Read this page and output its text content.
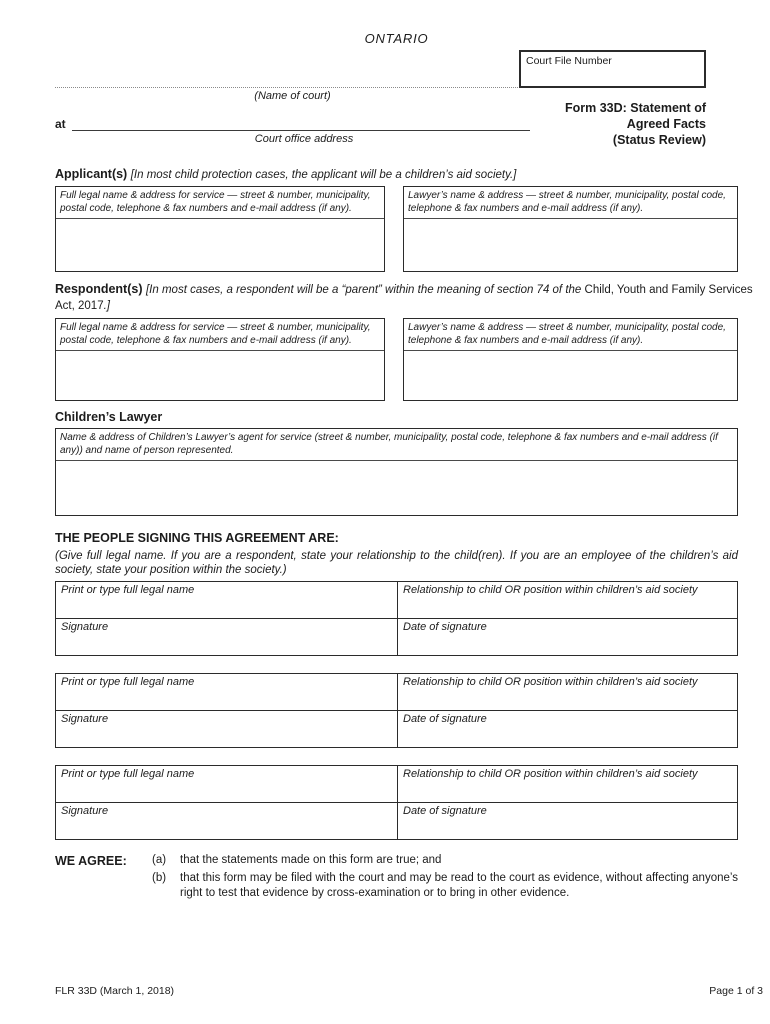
ONTARIO
(Name of court)
at
Court office address
Court File Number
Form 33D: Statement of
Agreed Facts
(Status Review)
Applicant(s) [In most child protection cases, the applicant will be a children’s aid society.]
Full legal name & address for service — street & number, municipality, postal code, telephone & fax numbers and e-mail address (if any).
Lawyer’s name & address — street & number, municipality, postal code, telephone & fax numbers and e-mail address (if any).
Respondent(s) [In most cases, a respondent will be a “parent” within the meaning of section 74 of the Child, Youth and Family Services Act, 2017.]
Full legal name & address for service — street & number, municipality, postal code, telephone & fax numbers and e-mail address (if any).
Lawyer’s name & address — street & number, municipality, postal code, telephone & fax numbers and e-mail address (if any).
Children’s Lawyer
Name & address of Children’s Lawyer’s agent for service (street & number, municipality, postal code, telephone & fax numbers and e-mail address (if any)) and name of person represented.
THE PEOPLE SIGNING THIS AGREEMENT ARE:
(Give full legal name. If you are a respondent, state your relationship to the child(ren). If you are an employee of the children’s aid society, state your position within the society.)
Print or type full legal name	Relationship to child OR position within children’s aid society
Signature	Date of signature
Print or type full legal name	Relationship to child OR position within children’s aid society
Signature	Date of signature
Print or type full legal name	Relationship to child OR position within children’s aid society
Signature	Date of signature
WE AGREE:	(a)	that the statements made on this form are true; and
(b)	that this form may be filed with the court and may be read to the court as evidence, without affecting anyone’s right to test that evidence by cross-examination or to bring in other evidence.
FLR 33D (March 1, 2018)	Page 1 of 3
